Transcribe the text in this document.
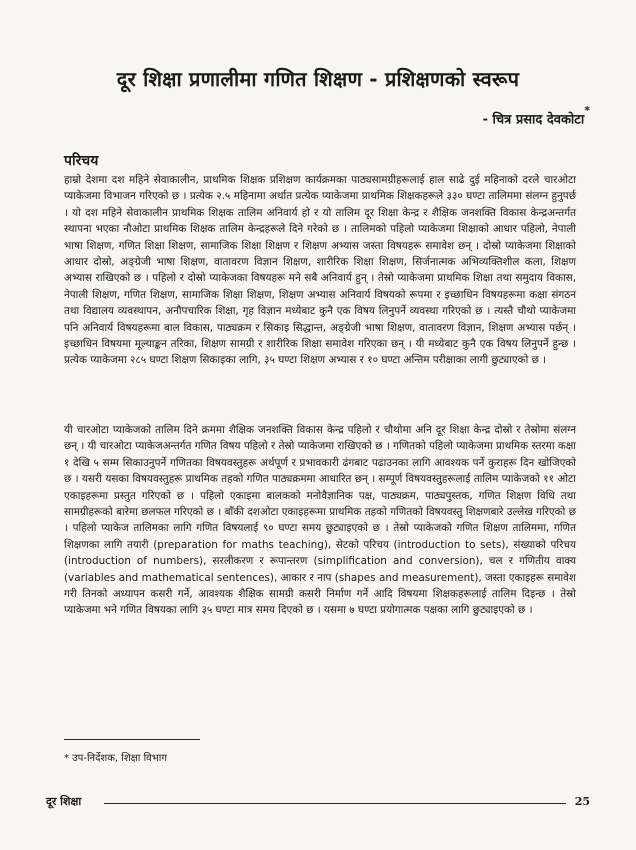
दूर शिक्षा प्रणालीमा गणित शिक्षण - प्रशिक्षणको स्वरूप
- चित्र प्रसाद देवकोटा*
परिचय

हाम्रो देशमा दश महिने सेवाकालीन, प्राथमिक शिक्षक प्रशिक्षण कार्यक्रमका पाठ्यसामग्रीहरूलाई हाल साढे दुई महिनाको दरले चारओटा प्याकेजमा विभाजन गरिएको छ । प्रत्येक २.५ महिनामा अर्थात प्रत्येक प्याकेजमा प्राथमिक शिक्षकहरूले ३३० घण्टा तालिममा संलग्न हुनुपर्छ । यो दश महिने सेवाकालीन प्राथमिक शिक्षक तालिम अनिवार्य हो र यो तालिम दूर शिक्षा केन्द्र र शैक्षिक जनशक्ति विकास केन्द्रअन्तर्गत स्थापना भएका नौओटा प्राथमिक शिक्षक तालिम केन्द्रहरूले दिने गरेको छ । तालिमको पहिलो प्याकेजमा शिक्षाको आधार पहिलो, नेपाली भाषा शिक्षण, गणित शिक्षा शिक्षण, सामाजिक शिक्षा शिक्षण र शिक्षण अभ्यास जस्ता विषयहरू समावेश छन् । दोस्रो प्याकेजमा शिक्षाको आधार दोस्रो, अङ्ग्रेजी भाषा शिक्षण, वातावरण विज्ञान शिक्षण, शारीरिक शिक्षा शिक्षण, सिर्जनात्मक अभिव्यक्तिशील कला, शिक्षण अभ्यास राखिएको छ । पहिलो र दोस्रो प्याकेजका विषयहरू मने सबै अनिवार्य हुन् । तेस्रो प्याकेजमा प्राथमिक शिक्षा तथा समुदाय विकास, नेपाली शिक्षण, गणित शिक्षण, सामाजिक शिक्षा शिक्षण, शिक्षण अभ्यास अनिवार्य विषयको रूपमा र इच्छाधिन विषयहरूमा कक्षा संगठन तथा विद्यालय व्यवस्थापन, अनौपचारिक शिक्षा, गृह विज्ञान मध्येबाट कुनै एक विषय लिनुपर्ने व्यवस्था गरिएको छ । त्यस्तै चौथो प्याकेजमा पनि अनिवार्य विषयहरूमा बाल विकास, पाठ्यक्रम र सिकाइ सिद्धान्त, अङ्ग्रेजी भाषा शिक्षण, वातावरण विज्ञान, शिक्षण अभ्यास पर्छन् । इच्छाधिन विषयमा मूल्याङ्कन तरिका, शिक्षण सामग्री र शारीरिक शिक्षा समावेश गरिएका छन् । यी मध्येबाट कुनै एक विषय लिनुपर्ने हुन्छ । प्रत्येक प्याकेजमा २८५ घण्टा शिक्षण सिकाइका लागि, ३५ घण्टा शिक्षण अभ्यास र १० घण्टा अन्तिम परीक्षाका लागी छुट्याएको छ ।

यी चारओटा प्याकेजको तालिम दिने क्रममा शैक्षिक जनशक्ति विकास केन्द्र पहिलो र चौथोमा अनि दूर शिक्षा केन्द्र दोस्रो र तेस्रोमा संलग्न छन् । यी चारओटा प्याकेजअन्तर्गत गणित विषय पहिलो र तेस्रो प्याकेजमा राखिएको छ । गणितको पहिलो प्याकेजमा प्राथमिक स्तरमा कक्षा १ देखि ५ सम्म सिकाउनुपर्ने गणितका विषयवस्तुहरू अर्थपूर्ण र प्रभावकारी ढंगबाट पढाउनका लागि आवश्यक पर्ने कुराहरू दिन खोजिएको छ । यसरी यसका विषयवस्तुहरू प्राथमिक तहको गणित पाठ्यक्रममा आधारित छन् । सम्पूर्ण विषयवस्तुहरूलाई तालिम प्याकेजको ११ ओटा एकाइहरूमा प्रस्तुत गरिएको छ । पहिलो एकाइमा बालकको मनोवैज्ञानिक पक्ष, पाठ्यक्रम, पाठ्यपुस्तक, गणित शिक्षण विधि तथा सामग्रीहरूको बारेमा छलफल गरिएको छ । बाँकी दशओटा एकाइहरूमा प्राथमिक तहको गणितको विषयवस्तु शिक्षणबारे उल्लेख गरिएको छ । पहिलो प्याकेज तालिमका लागि गणित विषयलाई ९० घण्टा समय छुट्याइएको छ । तेस्रो प्याकेजको गणित शिक्षण तालिममा, गणित शिक्षणका लागि तयारी (preparation for maths teaching), सेटको परिचय (introduction to sets), संख्याको परिचय (introduction of numbers), सरलीकरण र रूपान्तरण (simplification and conversion), चल र गणितीय वाक्य (variables and mathematical sentences), आकार र नाप (shapes and measurement), जस्ता एकाइहरू समावेश गरी तिनको अध्यापन कसरी गर्ने, आवश्यक शैक्षिक सामग्री कसरी निर्माण गर्ने आदि विषयमा शिक्षकहरूलाई तालिम दिइन्छ । तेस्रो प्याकेजमा भने गणित विषयका लागि ३५ घण्टा मात्र समय दिएको छ । यसमा ७ घण्टा प्रयोगात्मक पक्षका लागि छुट्याइएको छ ।

* उप-निर्देशक, शिक्षा विभाग
दूर शिक्षा	25
